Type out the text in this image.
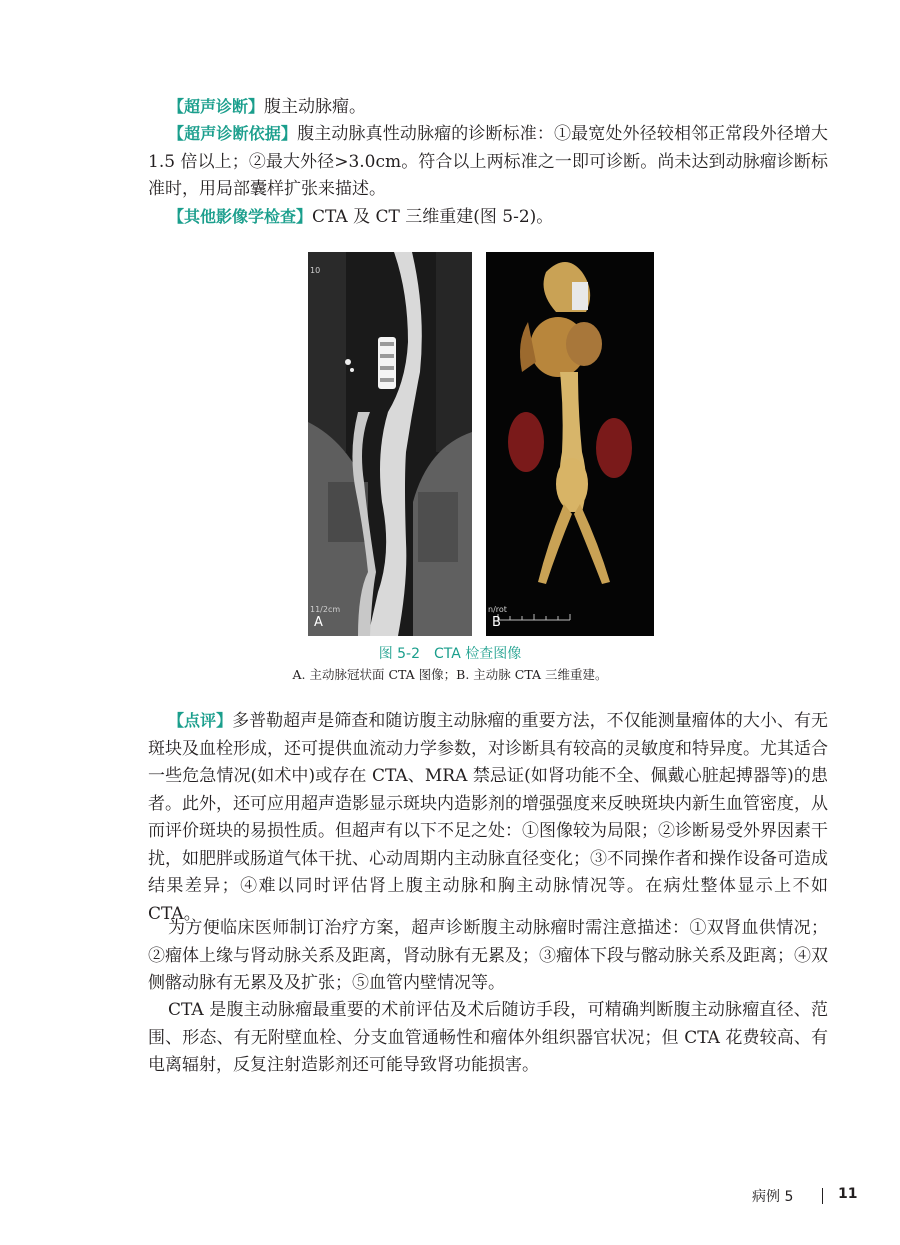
【超声诊断】腹主动脉瘤。

【超声诊断依据】腹主动脉真性动脉瘤的诊断标准：①最宽处外径较相邻正常段外径增大 1.5 倍以上；②最大外径>3.0cm。符合以上两标准之一即可诊断。尚未达到动脉瘤诊断标准时，用局部囊样扩张来描述。

【其他影像学检查】CTA 及 CT 三维重建(图 5-2)。

10
11/2cm
A
n/rot
B
图 5-2　CTA 检查图像
A. 主动脉冠状面 CTA 图像；B. 主动脉 CTA 三维重建。

【点评】多普勒超声是筛查和随访腹主动脉瘤的重要方法，不仅能测量瘤体的大小、有无斑块及血栓形成，还可提供血流动力学参数，对诊断具有较高的灵敏度和特异度。尤其适合一些危急情况(如术中)或存在 CTA、MRA 禁忌证(如肾功能不全、佩戴心脏起搏器等)的患者。此外，还可应用超声造影显示斑块内造影剂的增强强度来反映斑块内新生血管密度，从而评价斑块的易损性质。但超声有以下不足之处：①图像较为局限；②诊断易受外界因素干扰，如肥胖或肠道气体干扰、心动周期内主动脉直径变化；③不同操作者和操作设备可造成结果差异；④难以同时评估肾上腹主动脉和胸主动脉情况等。在病灶整体显示上不如 CTA。

为方便临床医师制订治疗方案，超声诊断腹主动脉瘤时需注意描述：①双肾血供情况；②瘤体上缘与肾动脉关系及距离，肾动脉有无累及；③瘤体下段与髂动脉关系及距离；④双侧髂动脉有无累及及扩张；⑤血管内壁情况等。

CTA 是腹主动脉瘤最重要的术前评估及术后随访手段，可精确判断腹主动脉瘤直径、范围、形态、有无附壁血栓、分支血管通畅性和瘤体外组织器官状况；但 CTA 花费较高、有电离辐射，反复注射造影剂还可能导致肾功能损害。

病例 5	11
